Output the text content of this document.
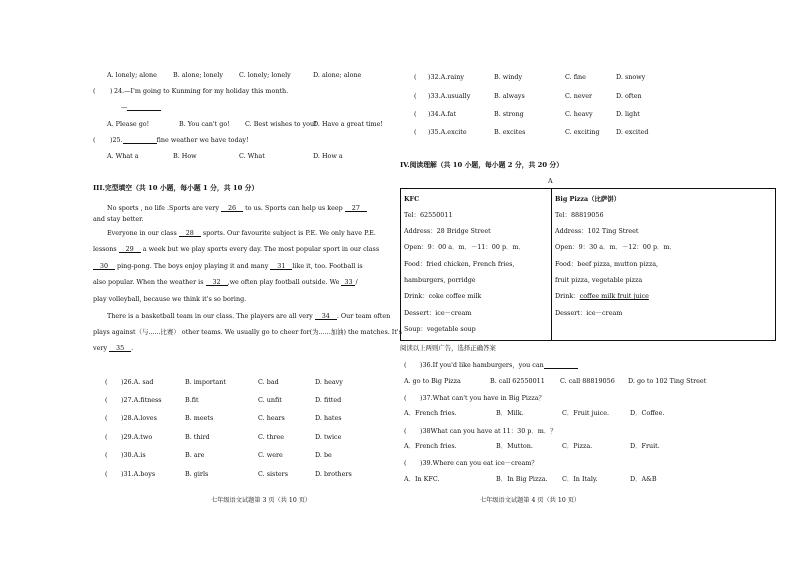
A. lonely; alone	B. alone; lonely	C. lonely; lonely	D. alone; alone
( ) 24.—I'm going to Kunming for my holiday this month.
—
A. Please go!	B. You can't go! C. Best wishes to you!
D. Have a great time!
( )25.	fine weather we have today!
A. What a	B. How	C. What	D. How a
III.完型填空（共 10 小题，每小题 1 分，共 10 分）
No sports , no life .Sports are very 26 to us. Sports can help us keep 27
and stay better.
Everyone in our class 28 sports. Our favourite subject is P.E. We only have P.E.
lessons 29 a week but we play sports every day. The most popular sport in our class
30 ping-pong. The boys enjoy playing it and many 31 like it, too. Football is
also popular. When the weather is 32 ,we often play football outside. We 33 /
play volleyball, because we think it's so boring.
There is a basketball team in our class. The players are all very 34 . Our team often
plays against（与......比赛） other teams. We usually go to cheer for(为......加油) the matches. It's
very 35 .
( )26.A. sad	B. important	C. bad	D. heavy
( )27.A.fitness	B.fit	C. unfit	D. fitted
( )28.A.loves	B. meets	C. hears	D. hates
( )29.A.two	B. third	C. three	D. twice
( )30.A.is	B. are	C. were	D. be
( )31.A.boys	B. girls	C. sisters	D. brothers
七年级语文试题第 3 页（共 10 页）
( )32.A.rainy	B. windy	C. fine	D. snowy
( )33.A.usually	B. always	C. never	D. often
( )34.A.fat	B. strong	C. heavy	D. light
( )35.A.excite	B. excites	C. exciting	D. excited
IV.阅读理解（共 10 小题，每小题 2 分，共 20 分）
A
KFC
Tel：62550011
Address：28 Bridge Street
Open：9：00 a．m．－11：00 p．m．
Food：fried chicken, French fries,
hamburgers, porridge
Drink：coke coffee milk
Dessert：ice－cream
Soup：vegetable soup
Big Pizza（比萨饼）
Tel：88819056
Address：102 Ting Street
Open：9：30 a．m．－12：00 p．m．
Food：beef pizza, mutton pizza,
fruit pizza, vegetable pizza
Drink：coffee milk fruit juice
Dessert：ice－cream
阅读以上两则广告，选择正确答案
( )36.If you'd like hamburgers，you can
A. go to Big Pizza	B. call 62550011 C. call 88819056 D. go to 102 Ting Street
( )37.What can't you have in Big Pizza？
A．French fries.	B．Milk.	C．Fruit juice.	D．Coffee.
( )38What can you have at 11：30 p．m．？
A．French fries.	B．Mutton.	C．Pizza.	D．Fruit.
( )39.Where can you eat ice－cream？
A．In KFC.	B．In Big Pizza. C．In Italy.	D．A&B
七年级语文试题第 4 页（共 10 页）
